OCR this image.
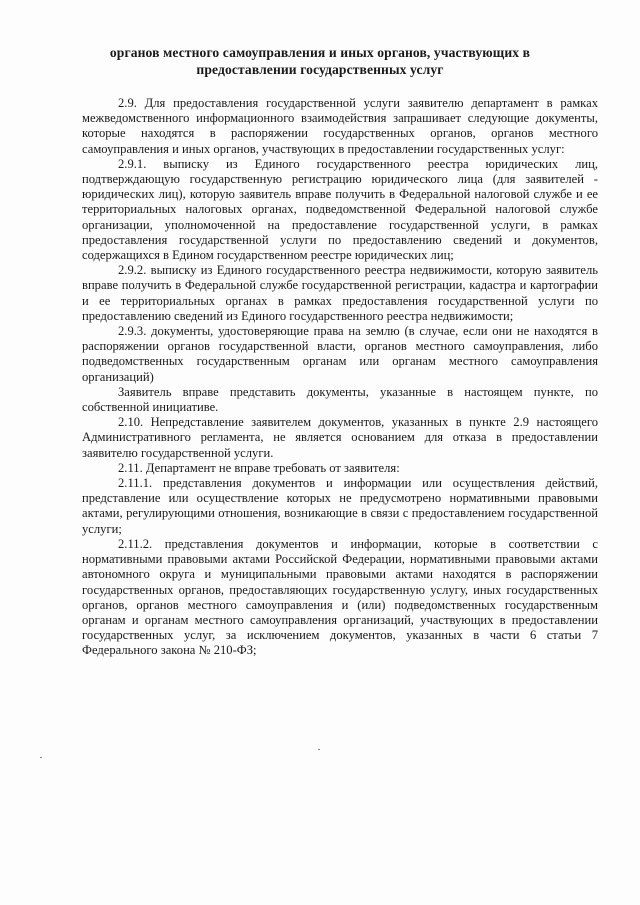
органов местного самоуправления и иных органов, участвующих в
предоставлении государственных услуг

2.9. Для предоставления государственной услуги заявителю департамент в рамках межведомственного информационного взаимодействия запрашивает следующие документы, которые находятся в распоряжении государственных органов, органов местного самоуправления и иных органов, участвующих в предоставлении государственных услуг:

2.9.1. выписку из Единого государственного реестра юридических лиц, подтверждающую государственную регистрацию юридического лица (для заявителей - юридических лиц), которую заявитель вправе получить в Федеральной налоговой службе и ее территориальных налоговых органах, подведомственной Федеральной налоговой службе организации, уполномоченной на предоставление государственной услуги, в рамках предоставления государственной услуги по предоставлению сведений и документов, содержащихся в Едином государственном реестре юридических лиц;

2.9.2. выписку из Единого государственного реестра недвижимости, которую заявитель вправе получить в Федеральной службе государственной регистрации, кадастра и картографии и ее территориальных органах в рамках предоставления государственной услуги по предоставлению сведений из Единого государственного реестра недвижимости;

2.9.3. документы, удостоверяющие права на землю (в случае, если они не находятся в распоряжении органов государственной власти, органов местного самоуправления, либо подведомственных государственным органам или органам местного самоуправления организаций)

Заявитель вправе представить документы, указанные в настоящем пункте, по собственной инициативе.

2.10. Непредставление заявителем документов, указанных в пункте 2.9 настоящего Административного регламента, не является основанием для отказа в предоставлении заявителю государственной услуги.

2.11. Департамент не вправе требовать от заявителя:

2.11.1. представления документов и информации или осуществления действий, представление или осуществление которых не предусмотрено нормативными правовыми актами, регулирующими отношения, возникающие в связи с предоставлением государственной услуги;

2.11.2. представления документов и информации, которые в соответствии с нормативными правовыми актами Российской Федерации, нормативными правовыми актами автономного округа и муниципальными правовыми актами находятся в распоряжении государственных органов, предоставляющих государственную услугу, иных государственных органов, органов местного самоуправления и (или) подведомственных государственным органам и органам местного самоуправления организаций, участвующих в предоставлении государственных услуг, за исключением документов, указанных в части 6 статьи 7 Федерального закона № 210-ФЗ;
